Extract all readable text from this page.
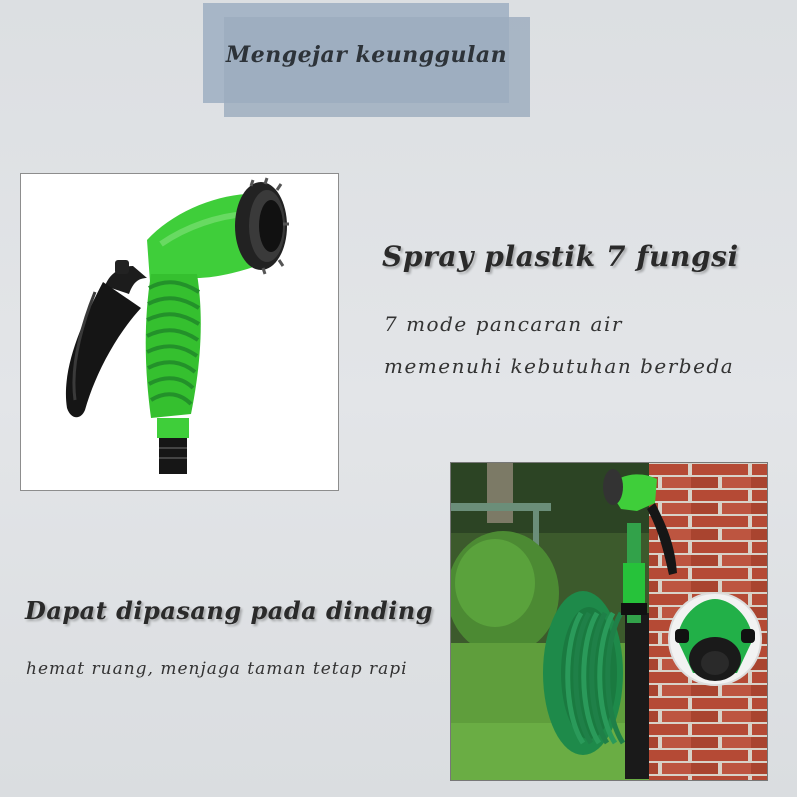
Mengejar keunggulan
Spray plastik 7 fungsi
7 mode pancaran air
memenuhi kebutuhan berbeda
Dapat dipasang pada dinding
hemat ruang, menjaga taman tetap rapi
